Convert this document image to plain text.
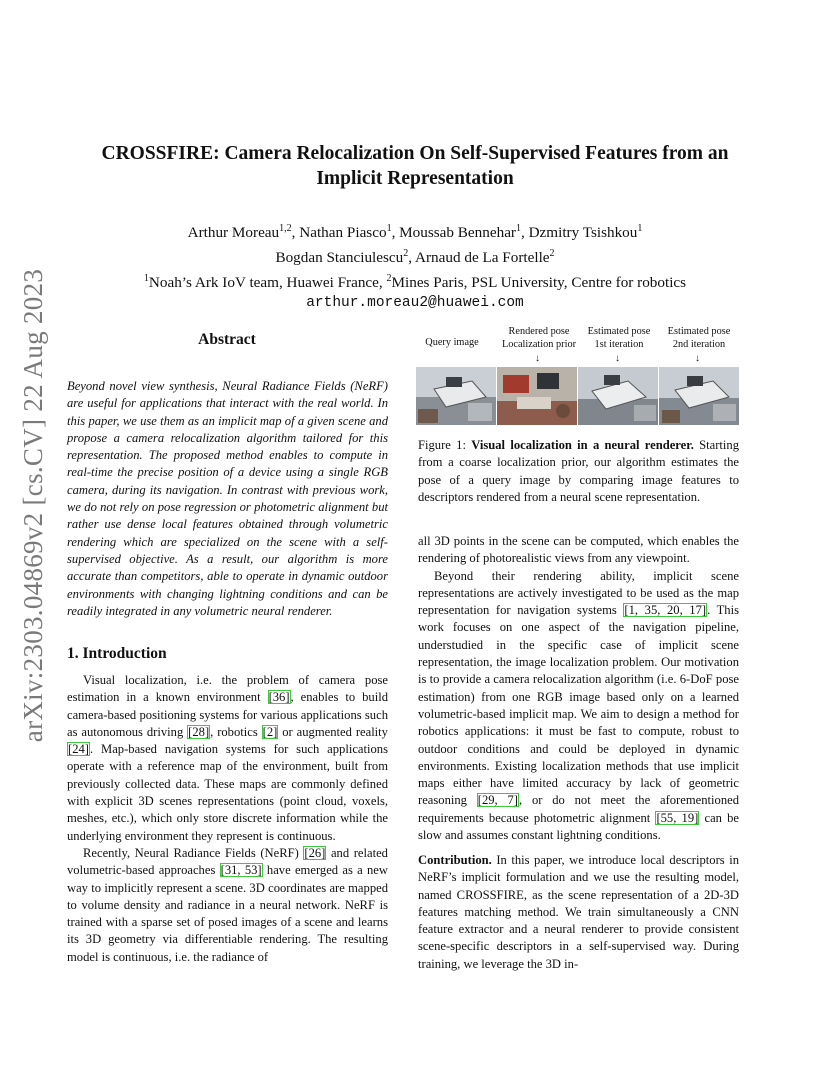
arXiv:2303.04869v2 [cs.CV] 22 Aug 2023
CROSSFIRE: Camera Relocalization On Self-Supervised Features from an
Implicit Representation
Arthur Moreau$^{1,2}$, Nathan Piasco$^1$, Moussab Bennehar$^1$, Dzmitry Tsishkou$^1$
Bogdan Stanciulescu$^2$, Arnaud de La Fortelle$^2$
$^1$Noah’s Ark IoV team, Huawei France, $^2$Mines Paris, PSL University, Centre for robotics
arthur.moreau2@huawei.com
Abstract

Beyond novel view synthesis, Neural Radiance Fields (NeRF) are useful for applications that interact with the real world. In this paper, we use them as an implicit map of a given scene and propose a camera relocalization algorithm tailored for this representation. The proposed method enables to compute in real-time the precise position of a device using a single RGB camera, during its navigation. In contrast with previous work, we do not rely on pose regression or photometric alignment but rather use dense local features obtained through volumetric rendering which are specialized on the scene with a self-supervised objective. As a result, our algorithm is more accurate than competitors, able to operate in dynamic outdoor environments with changing lightning conditions and can be readily integrated in any volumetric neural renderer.

1. Introduction

Visual localization, i.e. the problem of camera pose estimation in a known environment [36], enables to build camera-based positioning systems for various applications such as autonomous driving [28], robotics [2] or augmented reality [24]. Map-based navigation systems for such applications operate with a reference map of the environment, built from previously collected data. These maps are commonly defined with explicit 3D scenes representations (point cloud, voxels, meshes, etc.), which only store discrete information while the underlying environment they represent is continuous.

Recently, Neural Radiance Fields (NeRF) [26] and related volumetric-based approaches [31, 53] have emerged as a new way to implicitly represent a scene. 3D coordinates are mapped to volume density and radiance in a neural network. NeRF is trained with a sparse set of posed images of a scene and learns its 3D geometry via differentiable rendering. The resulting model is continuous, i.e. the radiance of

Query image
Rendered pose
Localization prior
↓
Estimated pose
1st iteration
↓
Estimated pose
2nd iteration
↓

Figure 1: Visual localization in a neural renderer. Starting from a coarse localization prior, our algorithm estimates the pose of a query image by comparing image features to descriptors rendered from a neural scene representation.

all 3D points in the scene can be computed, which enables the rendering of photorealistic views from any viewpoint.

Beyond their rendering ability, implicit scene representations are actively investigated to be used as the map representation for navigation systems [1, 35, 20, 17]. This work focuses on one aspect of the navigation pipeline, understudied in the specific case of implicit scene representation, the image localization problem. Our motivation is to provide a camera relocalization algorithm (i.e. 6-DoF pose estimation) from one RGB image based only on a learned volumetric-based implicit map. We aim to design a method for robotics applications: it must be fast to compute, robust to outdoor conditions and could be deployed in dynamic environments. Existing localization methods that use implicit maps either have limited accuracy by lack of geometric reasoning [29, 7], or do not meet the aforementioned requirements because photometric alignment [55, 19] can be slow and assumes constant lightning conditions.

Contribution. In this paper, we introduce local descriptors in NeRF’s implicit formulation and we use the resulting model, named CROSSFIRE, as the scene representation of a 2D-3D features matching method. We train simultaneously a CNN feature extractor and a neural renderer to provide consistent scene-specific descriptors in a self-supervised way. During training, we leverage the 3D in-
